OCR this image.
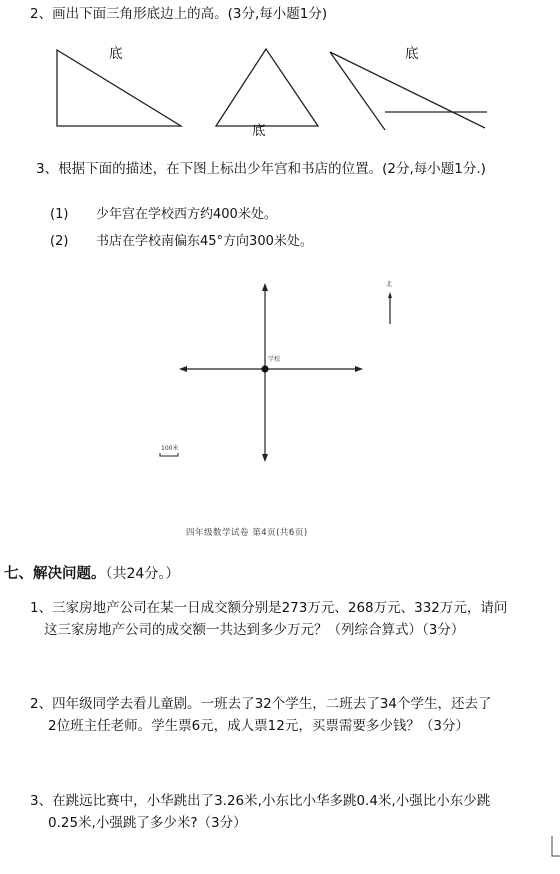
2、画出下面三角形底边上的高。(3分,每小题1分)
底
底
底
3、根据下面的描述，在下图上标出少年宫和书店的位置。(2分,每小题1分.)
(1) 少年宫在学校西方约400米处。
(2) 书店在学校南偏东45°方向300米处。
北
学校
100米
四年级数学试卷 第4页(共6页)
七、解决问题。（共24分。）
1、三家房地产公司在某一日成交额分别是273万元、268万元、332万元，请问
这三家房地产公司的成交额一共达到多少万元？（列综合算式）（3分）
2、四年级同学去看儿童剧。一班去了32个学生，二班去了34个学生，还去了
2位班主任老师。学生票6元，成人票12元，买票需要多少钱？（3分）
3、在跳远比赛中，小华跳出了3.26米,小东比小华多跳0.4米,小强比小东少跳
0.25米,小强跳了多少米?（3分）
